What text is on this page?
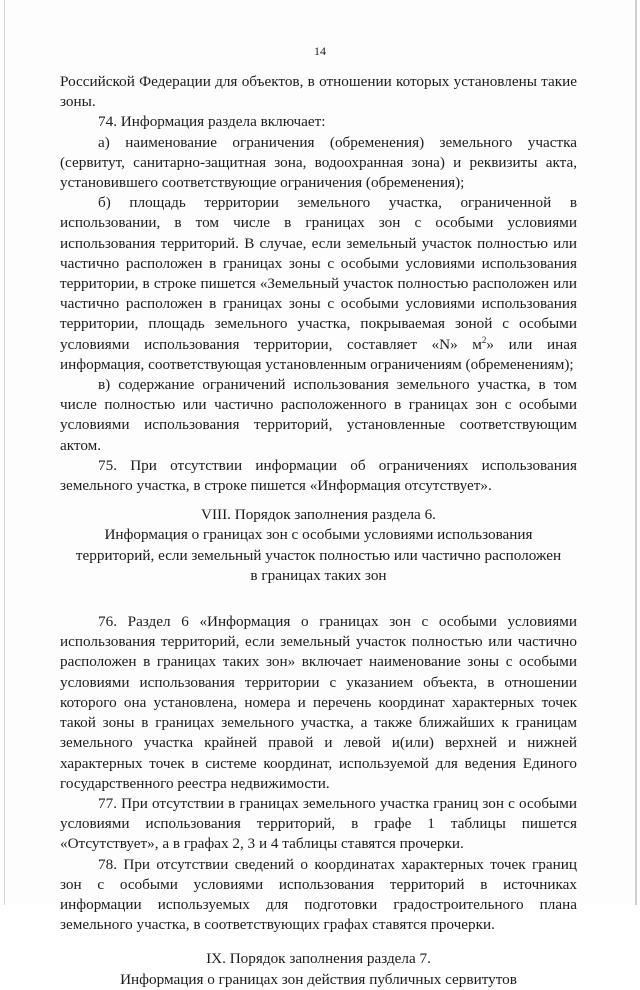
14

Российской Федерации для объектов, в отношении которых установлены такие зоны.

74. Информация раздела включает:

а) наименование ограничения (обременения) земельного участка (сервитут, санитарно-защитная зона, водоохранная зона) и реквизиты акта, установившего соответствующие ограничения (обременения);

б) площадь территории земельного участка, ограниченной в использовании, в том числе в границах зон с особыми условиями использования территорий. В случае, если земельный участок полностью или частично расположен в границах зоны с особыми условиями использования территории, в строке пишется «Земельный участок полностью расположен или частично расположен в границах зоны с особыми условиями использования территории, площадь земельного участка, покрываемая зоной с особыми условиями использования территории, составляет «N» $м^2$» или иная информация, соответствующая установленным ограничениям (обременениям);

в) содержание ограничений использования земельного участка, в том числе полностью или частично расположенного в границах зон с особыми условиями использования территорий, установленные соответствующим актом.

75. При отсутствии информации об ограничениях использования земельного участка, в строке пишется «Информация отсутствует».

VIII. Порядок заполнения раздела 6.
Информация о границах зон с особыми условиями использования
территорий, если земельный участок полностью или частично расположен
в границах таких зон

76. Раздел 6 «Информация о границах зон с особыми условиями использования территорий, если земельный участок полностью или частично расположен в границах таких зон» включает наименование зоны с особыми условиями использования территории с указанием объекта, в отношении которого она установлена, номера и перечень координат характерных точек такой зоны в границах земельного участка, а также ближайших к границам земельного участка крайней правой и левой и(или) верхней и нижней характерных точек в системе координат, используемой для ведения Единого государственного реестра недвижимости.

77. При отсутствии в границах земельного участка границ зон с особыми условиями использования территорий, в графе 1 таблицы пишется «Отсутствует», а в графах 2, 3 и 4 таблицы ставятся прочерки.

78. При отсутствии сведений о координатах характерных точек границ зон с особыми условиями использования территорий в источниках информации используемых для подготовки градостроительного плана земельного участка, в соответствующих графах ставятся прочерки.

IX. Порядок заполнения раздела 7.
Информация о границах зон действия публичных сервитутов
